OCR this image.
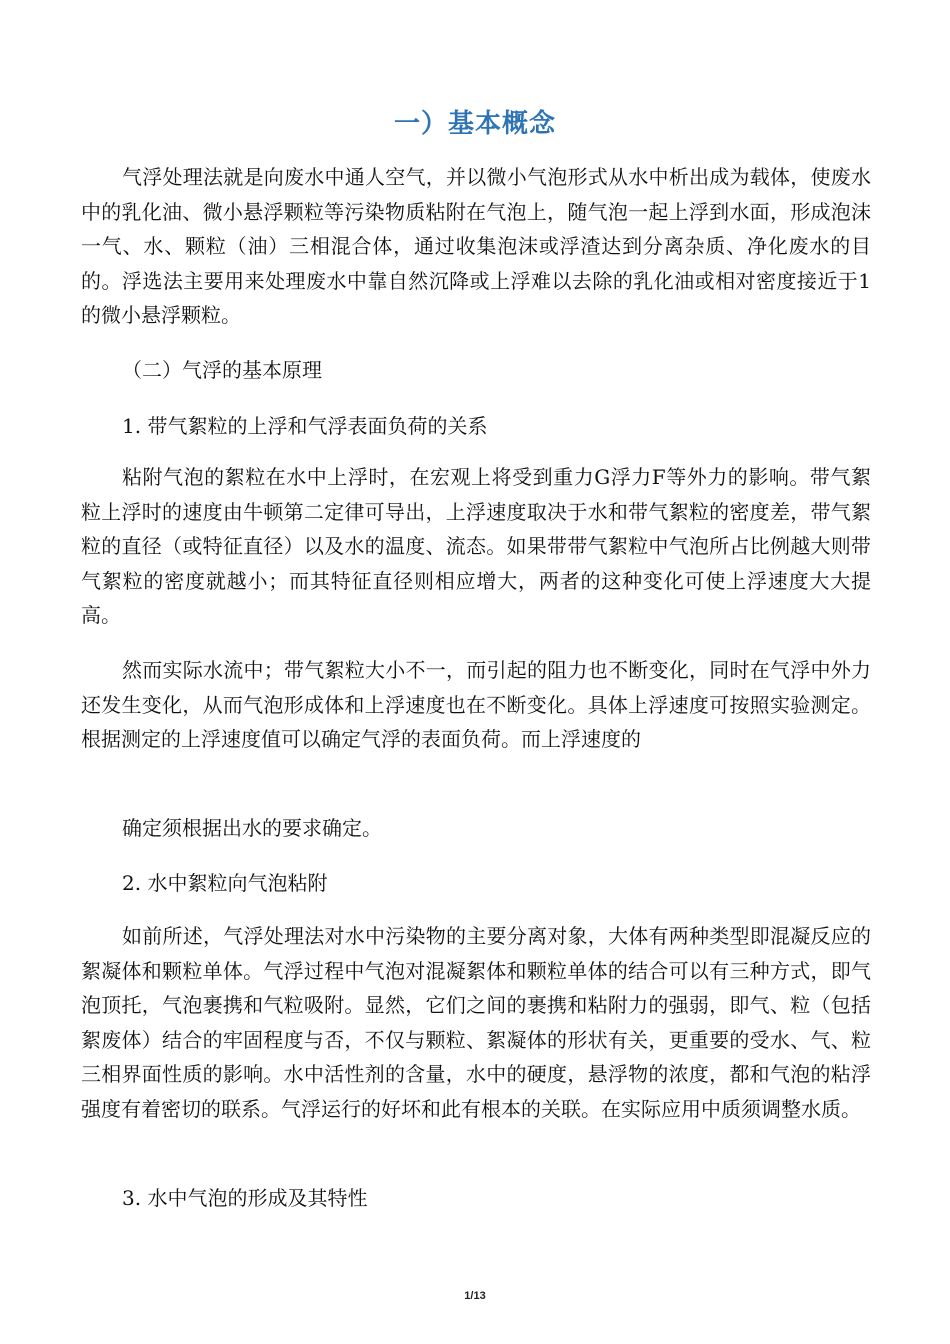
一）基本概念

气浮处理法就是向废水中通人空气，并以微小气泡形式从水中析出成为载体，使废水中的乳化油、微小悬浮颗粒等污染物质粘附在气泡上，随气泡一起上浮到水面，形成泡沫一气、水、颗粒（油）三相混合体，通过收集泡沫或浮渣达到分离杂质、净化废水的目的。浮选法主要用来处理废水中靠自然沉降或上浮难以去除的乳化油或相对密度接近于1的微小悬浮颗粒。

（二）气浮的基本原理

1. 带气絮粒的上浮和气浮表面负荷的关系

粘附气泡的絮粒在水中上浮时，在宏观上将受到重力G浮力F等外力的影响。带气絮粒上浮时的速度由牛顿第二定律可导出，上浮速度取决于水和带气絮粒的密度差，带气絮粒的直径（或特征直径）以及水的温度、流态。如果带带气絮粒中气泡所占比例越大则带气絮粒的密度就越小；而其特征直径则相应增大，两者的这种变化可使上浮速度大大提高。

然而实际水流中；带气絮粒大小不一，而引起的阻力也不断变化，同时在气浮中外力还发生变化，从而气泡形成体和上浮速度也在不断变化。具体上浮速度可按照实验测定。根据测定的上浮速度值可以确定气浮的表面负荷。而上浮速度的

确定须根据出水的要求确定。

2. 水中絮粒向气泡粘附

如前所述，气浮处理法对水中污染物的主要分离对象，大体有两种类型即混凝反应的絮凝体和颗粒单体。气浮过程中气泡对混凝絮体和颗粒单体的结合可以有三种方式，即气泡顶托，气泡裹携和气粒吸附。显然，它们之间的裹携和粘附力的强弱，即气、粒（包括絮废体）结合的牢固程度与否，不仅与颗粒、絮凝体的形状有关，更重要的受水、气、粒三相界面性质的影响。水中活性剂的含量，水中的硬度，悬浮物的浓度，都和气泡的粘浮强度有着密切的联系。气浮运行的好坏和此有根本的关联。在实际应用中质须调整水质。

3. 水中气泡的形成及其特性

1/13
